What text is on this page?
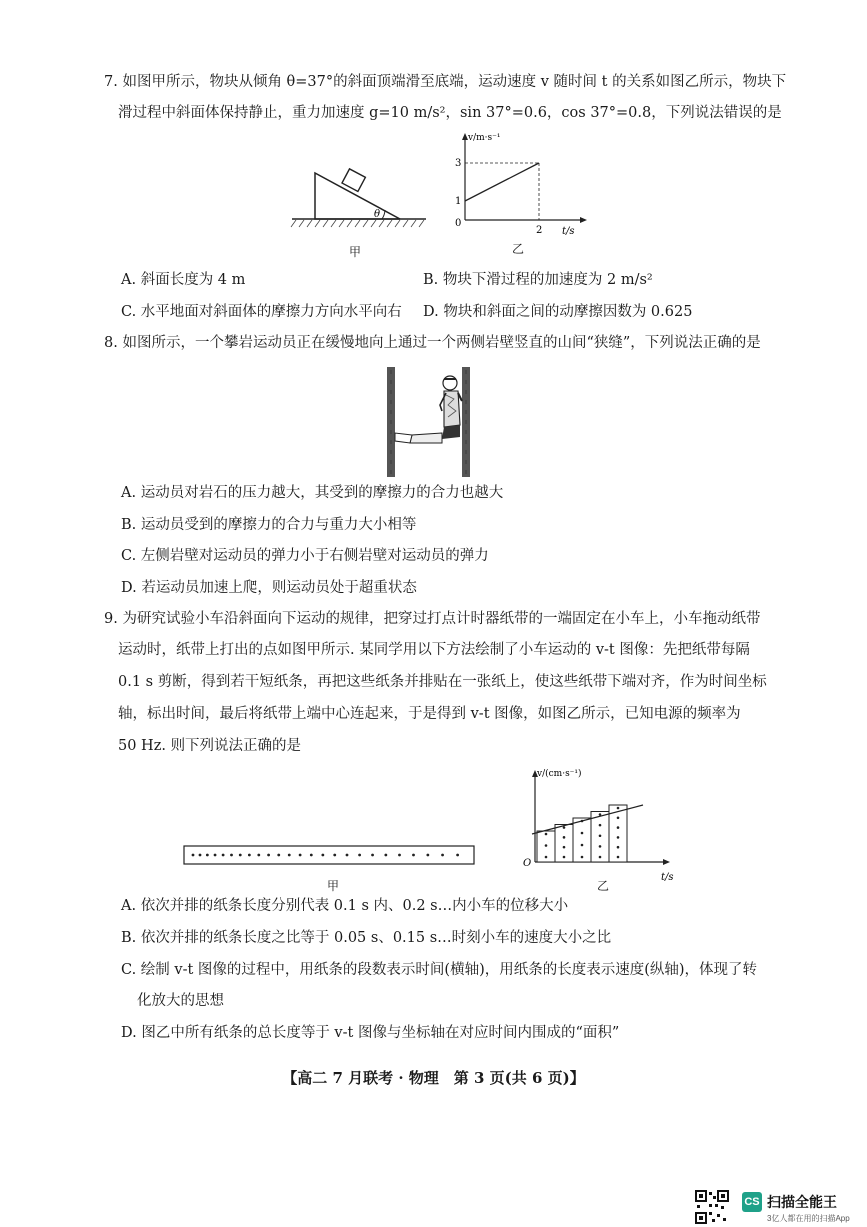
7. 如图甲所示，物块从倾角 θ=37°的斜面顶端滑至底端，运动速度 v 随时间 t 的关系如图乙所示，物块下
滑过程中斜面体保持静止，重力加速度 g=10 m/s²，sin 37°=0.6，cos 37°=0.8，下列说法错误的是
θ
甲
v/m·s⁻¹
3
1
0
2 t/s
乙
A. 斜面长度为 4 m	B. 物块下滑过程的加速度为 2 m/s²
C. 水平地面对斜面体的摩擦力方向水平向右 D. 物块和斜面之间的动摩擦因数为 0.625
8. 如图所示，一个攀岩运动员正在缓慢地向上通过一个两侧岩壁竖直的山间“狭缝”，下列说法正确的是
A. 运动员对岩石的压力越大，其受到的摩擦力的合力也越大
B. 运动员受到的摩擦力的合力与重力大小相等
C. 左侧岩壁对运动员的弹力小于右侧岩壁对运动员的弹力
D. 若运动员加速上爬，则运动员处于超重状态
9. 为研究试验小车沿斜面向下运动的规律，把穿过打点计时器纸带的一端固定在小车上，小车拖动纸带
运动时，纸带上打出的点如图甲所示. 某同学用以下方法绘制了小车运动的 v-t 图像：先把纸带每隔
0.1 s 剪断，得到若干短纸条，再把这些纸条并排贴在一张纸上，使这些纸带下端对齐，作为时间坐标
轴，标出时间，最后将纸带上端中心连起来，于是得到 v-t 图像，如图乙所示，已知电源的频率为
50 Hz. 则下列说法正确的是
甲
v/(cm·s⁻¹)
O
t/s
乙
A. 依次并排的纸条长度分别代表 0.1 s 内、0.2 s…内小车的位移大小
B. 依次并排的纸条长度之比等于 0.05 s、0.15 s…时刻小车的速度大小之比
C. 绘制 v-t 图像的过程中，用纸条的段数表示时间(横轴)，用纸条的长度表示速度(纵轴)，体现了转
化放大的思想
D. 图乙中所有纸条的总长度等于 v-t 图像与坐标轴在对应时间内围成的“面积”
【高二 7 月联考 · 物理　第 3 页(共 6 页)】
CS 扫描全能王
3亿人都在用的扫描App
